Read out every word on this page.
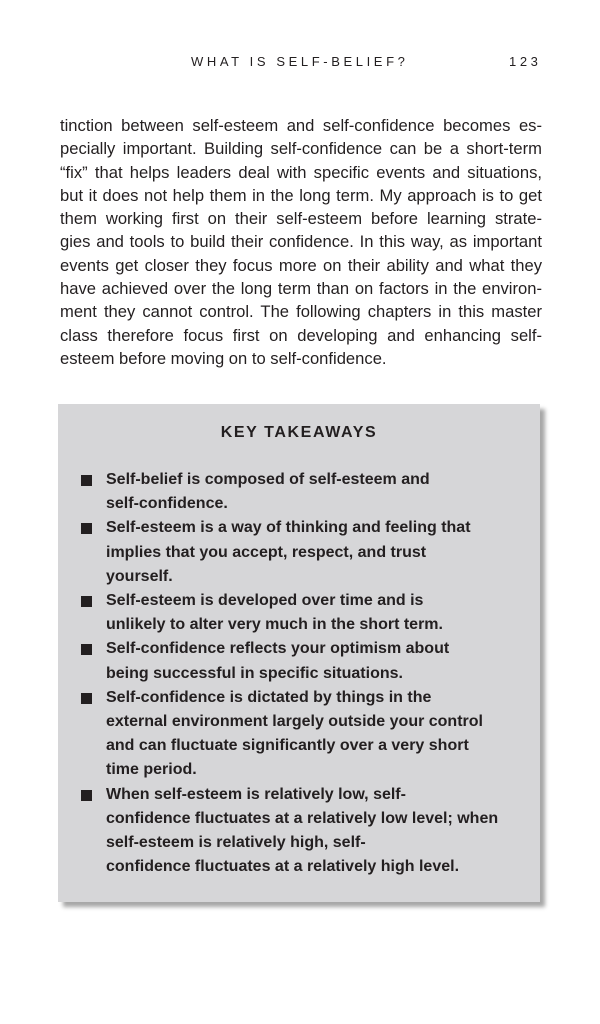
WHAT IS SELF-BELIEF?	123

tinction between self-esteem and self-confidence becomes es-
pecially important. Building self-confidence can be a short-term
“fix” that helps leaders deal with specific events and situations,
but it does not help them in the long term. My approach is to get
them working first on their self-esteem before learning strate-
gies and tools to build their confidence. In this way, as important
events get closer they focus more on their ability and what they
have achieved over the long term than on factors in the environ-
ment they cannot control. The following chapters in this master
class therefore focus first on developing and enhancing self-
esteem before moving on to self-confidence.

KEY TAKEAWAYS
Self-belief is composed of self-esteem and
self-confidence.
Self-esteem is a way of thinking and feeling that
implies that you accept, respect, and trust
yourself.
Self-esteem is developed over time and is
unlikely to alter very much in the short term.
Self-confidence reflects your optimism about
being successful in specific situations.
Self-confidence is dictated by things in the
external environment largely outside your control
and can fluctuate significantly over a very short
time period.
When self-esteem is relatively low, self-
confidence fluctuates at a relatively low level; when
self-esteem is relatively high, self-
confidence fluctuates at a relatively high level.
